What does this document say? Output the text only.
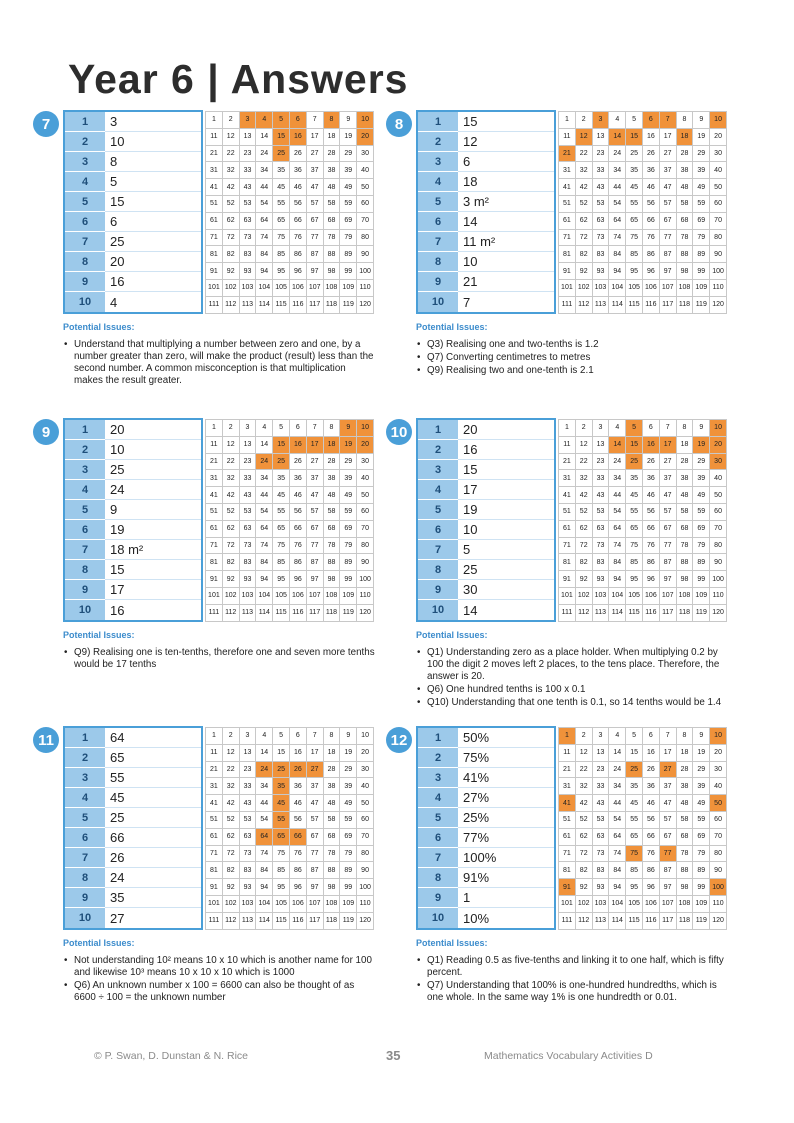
Year 6 | Answers
7	1	3
2	10
3	8
4	5
5	15
6	6
7	25
8	20
9	16
10	4
1	2	3	4	5	6	7	8	9	10
11	12	13	14	15	16	17	18	19	20
21	22	23	24	25	26	27	28	29	30
31	32	33	34	35	36	37	38	39	40
41	42	43	44	45	46	47	48	49	50
51	52	53	54	55	56	57	58	59	60
61	62	63	64	65	66	67	68	69	70
71	72	73	74	75	76	77	78	79	80
81	82	83	84	85	86	87	88	89	90
91	92	93	94	95	96	97	98	99	100
101 102 103 104 105 106 107 108 109 110
111 112 113 114 115 116 117 118 119 120
Potential Issues:
• Understand that multiplying a number between zero and one, by a number greater than zero, will make the product (result) less than the second number. A common misconception is that multiplication makes the result greater.
8	1	15
2	12
3	6
4	18
5	3 m²
6	14
7	11 m²
8	10
9	21
10	7
1	2	3	4	5	6	7	8	9	10
11	12	13	14	15	16	17	18	19	20
21	22	23	24	25	26	27	28	29	30
31	32	33	34	35	36	37	38	39	40
41	42	43	44	45	46	47	48	49	50
51	52	53	54	55	56	57	58	59	60
61	62	63	64	65	66	67	68	69	70
71	72	73	74	75	76	77	78	79	80
81	82	83	84	85	86	87	88	89	90
91	92	93	94	95	96	97	98	99	100
101 102 103 104 105 106 107 108 109 110
111 112 113 114 115 116 117 118 119 120
Potential Issues:
• Q3) Realising one and two-tenths is 1.2
• Q7) Converting centimetres to metres
• Q9) Realising two and one-tenth is 2.1
9	1	20
2	10
3	25
4	24
5	9
6	19
7	18 m²
8	15
9	17
10	16
1	2	3	4	5	6	7	8	9	10
11	12	13	14	15	16	17	18	19	20
21	22	23	24	25	26	27	28	29	30
31	32	33	34	35	36	37	38	39	40
41	42	43	44	45	46	47	48	49	50
51	52	53	54	55	56	57	58	59	60
61	62	63	64	65	66	67	68	69	70
71	72	73	74	75	76	77	78	79	80
81	82	83	84	85	86	87	88	89	90
91	92	93	94	95	96	97	98	99	100
101 102 103 104 105 106 107 108 109 110
111 112 113 114 115 116 117 118 119 120
Potential Issues:
• Q9) Realising one is ten-tenths, therefore one and seven more tenths would be 17 tenths
10	1	20
2	16
3	15
4	17
5	19
6	10
7	5
8	25
9	30
10	14
1	2	3	4	5	6	7	8	9	10
11	12	13	14	15	16	17	18	19	20
21	22	23	24	25	26	27	28	29	30
31	32	33	34	35	36	37	38	39	40
41	42	43	44	45	46	47	48	49	50
51	52	53	54	55	56	57	58	59	60
61	62	63	64	65	66	67	68	69	70
71	72	73	74	75	76	77	78	79	80
81	82	83	84	85	86	87	88	89	90
91	92	93	94	95	96	97	98	99	100
101 102 103 104 105 106 107 108 109 110
111 112 113 114 115 116 117 118 119 120
Potential Issues:
• Q1) Understanding zero as a place holder. When multiplying 0.2 by 100 the digit 2 moves left 2 places, to the tens place. Therefore, the answer is 20.
• Q6) One hundred tenths is 100 x 0.1
• Q10) Understanding that one tenth is 0.1, so 14 tenths would be 1.4
11	1	64
2	65
3	55
4	45
5	25
6	66
7	26
8	24
9	35
10	27
1	2	3	4	5	6	7	8	9	10
11	12	13	14	15	16	17	18	19	20
21	22	23	24	25	26	27	28	29	30
31	32	33	34	35	36	37	38	39	40
41	42	43	44	45	46	47	48	49	50
51	52	53	54	55	56	57	58	59	60
61	62	63	64	65	66	67	68	69	70
71	72	73	74	75	76	77	78	79	80
81	82	83	84	85	86	87	88	89	90
91	92	93	94	95	96	97	98	99	100
101 102 103 104 105 106 107 108 109 110
111 112 113 114 115 116 117 118 119 120
Potential Issues:
• Not understanding 10² means 10 x 10 which is another name for 100 and likewise 10³ means 10 x 10 x 10 which is 1000
• Q6) An unknown number x 100 = 6600 can also be thought of as 6600 ÷ 100 = the unknown number
12	1	50%
2	75%
3	41%
4	27%
5	25%
6	77%
7	100%
8	91%
9	1
10	10%
1	2	3	4	5	6	7	8	9	10
11	12	13	14	15	16	17	18	19	20
21	22	23	24	25	26	27	28	29	30
31	32	33	34	35	36	37	38	39	40
41	42	43	44	45	46	47	48	49	50
51	52	53	54	55	56	57	58	59	60
61	62	63	64	65	66	67	68	69	70
71	72	73	74	75	76	77	78	79	80
81	82	83	84	85	86	87	88	89	90
91	92	93	94	95	96	97	98	99	100
101 102 103 104 105 106 107 108 109 110
111 112 113 114 115 116 117 118 119 120
Potential Issues:
• Q1) Reading 0.5 as five-tenths and linking it to one half, which is fifty percent.
• Q7) Understanding that 100% is one-hundred hundredths, which is one whole. In the same way 1% is one hundredth or 0.01.
© P. Swan, D. Dunstan & N. Rice	35	Mathematics Vocabulary Activities D
